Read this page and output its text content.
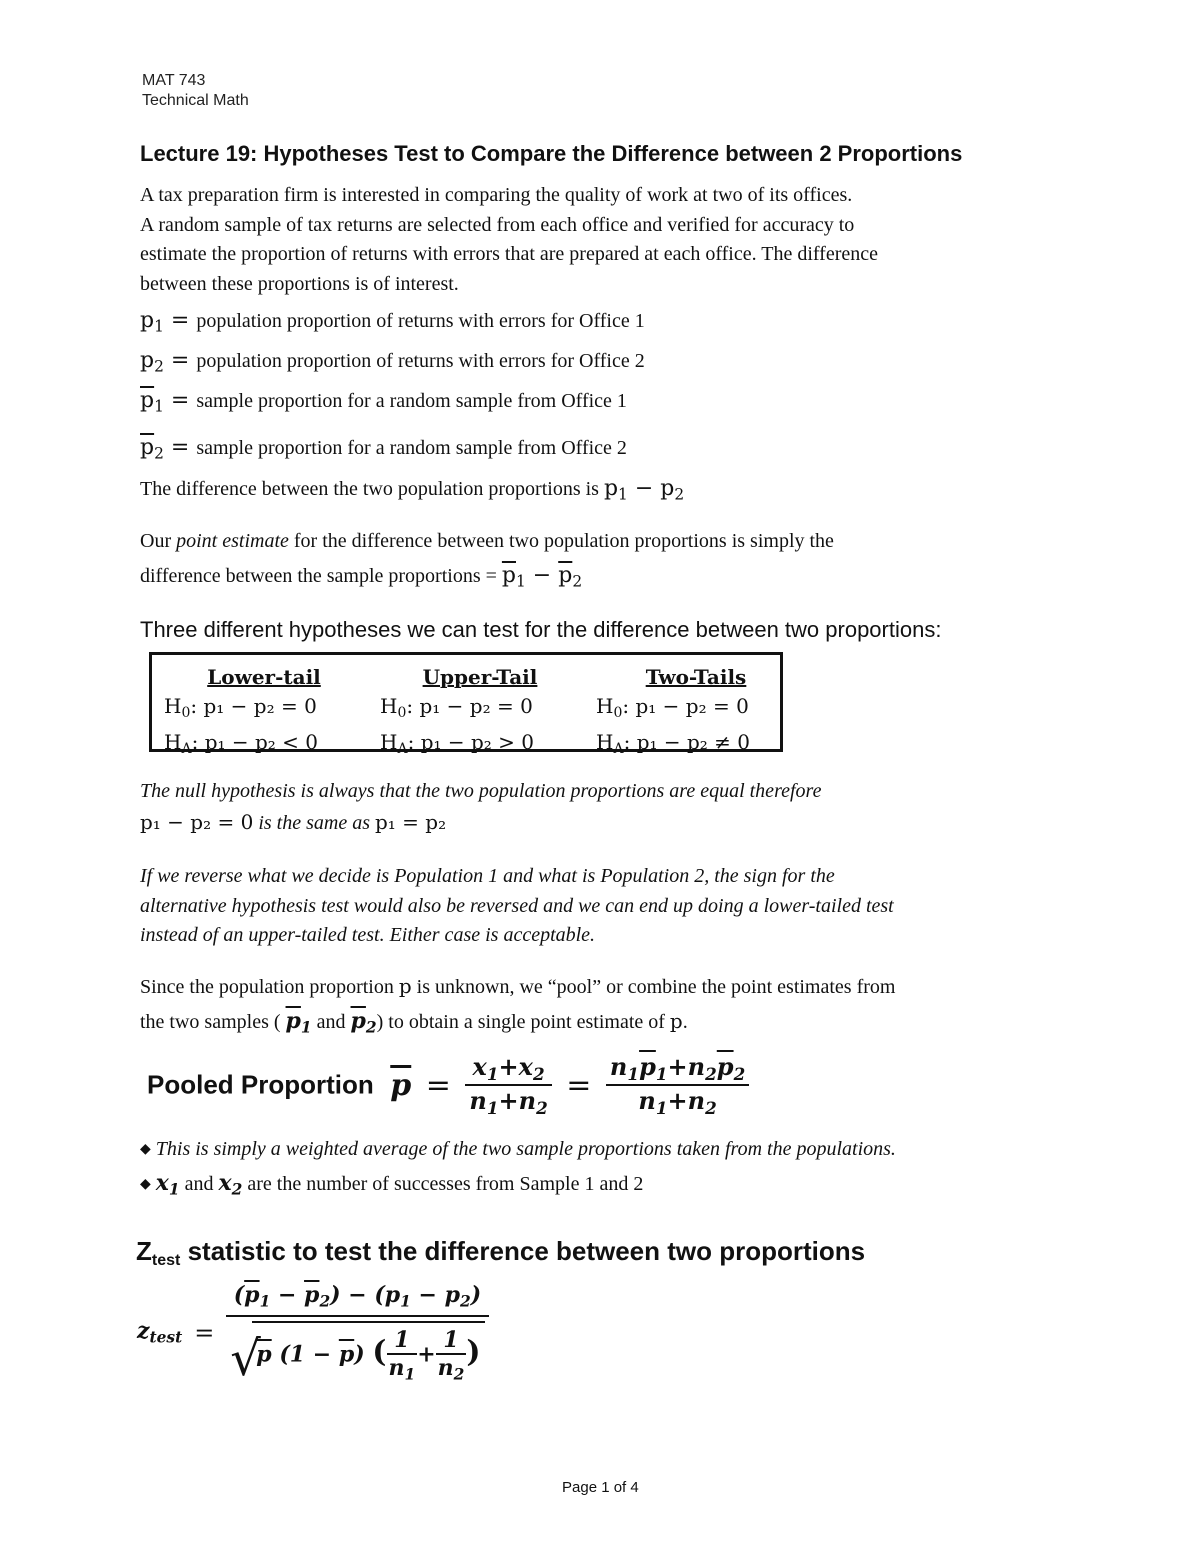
MAT 743
Technical Math
Lecture 19: Hypotheses Test to Compare the Difference between 2 Proportions
A tax preparation firm is interested in comparing the quality of work at two of its offices.
A random sample of tax returns are selected from each office and verified for accuracy to
estimate the proportion of returns with errors that are prepared at each office. The difference
between these proportions is of interest.
$p_1$ = population proportion of returns with errors for Office 1
$p_2$ = population proportion of returns with errors for Office 2
$\overline{p}_1$ = sample proportion for a random sample from Office 1
$\overline{p}_2$ = sample proportion for a random sample from Office 2
The difference between the two population proportions is $p_1 - p_2$
Our point estimate for the difference between two population proportions is simply the
difference between the sample proportions = $\overline{p}_1 - \overline{p}_2$
Three different hypotheses we can test for the difference between two proportions:
Lower-tail
$H_0$: p₁ − p₂ = 0
$H_A$: p₁ − p₂ < 0
Upper-Tail
$H_0$: p₁ − p₂ = 0
$H_A$: p₁ − p₂ > 0
Two-Tails
$H_0$: p₁ − p₂ = 0
$H_A$: p₁ − p₂ ≠ 0
The null hypothesis is always that the two population proportions are equal therefore
p₁ − p₂ = 0 is the same as p₁ = p₂
If we reverse what we decide is Population 1 and what is Population 2, the sign for the
alternative hypothesis test would also be reversed and we can end up doing a lower-tailed test
instead of an upper-tailed test. Either case is acceptable.
Since the population proportion p is unknown, we “pool” or combine the point estimates from
the two samples ( $\overline{p}_1$ and $\overline{p}_2$) to obtain a single point estimate of p.
Pooled Proportion $\overline{p} = \frac{x_1+x_2}{n_1+n_2} = \frac{n_1\overline{p}_1+n_2\overline{p}_2}{n_1+n_2}$
◆ This is simply a weighted average of the two sample proportions taken from the populations.
◆ $x_1$ and $x_2$ are the number of successes from Sample 1 and 2
$Z_{test}$ statistic to test the difference between two proportions
$z_{test} = (\overline{p}_1 - \overline{p}_2) - (p_1 - p_2)$
√
p $(1 - \overline{p})$ ( $\frac{1}{n_1} + \frac{1}{n_2}$ )
Page 1 of 4
